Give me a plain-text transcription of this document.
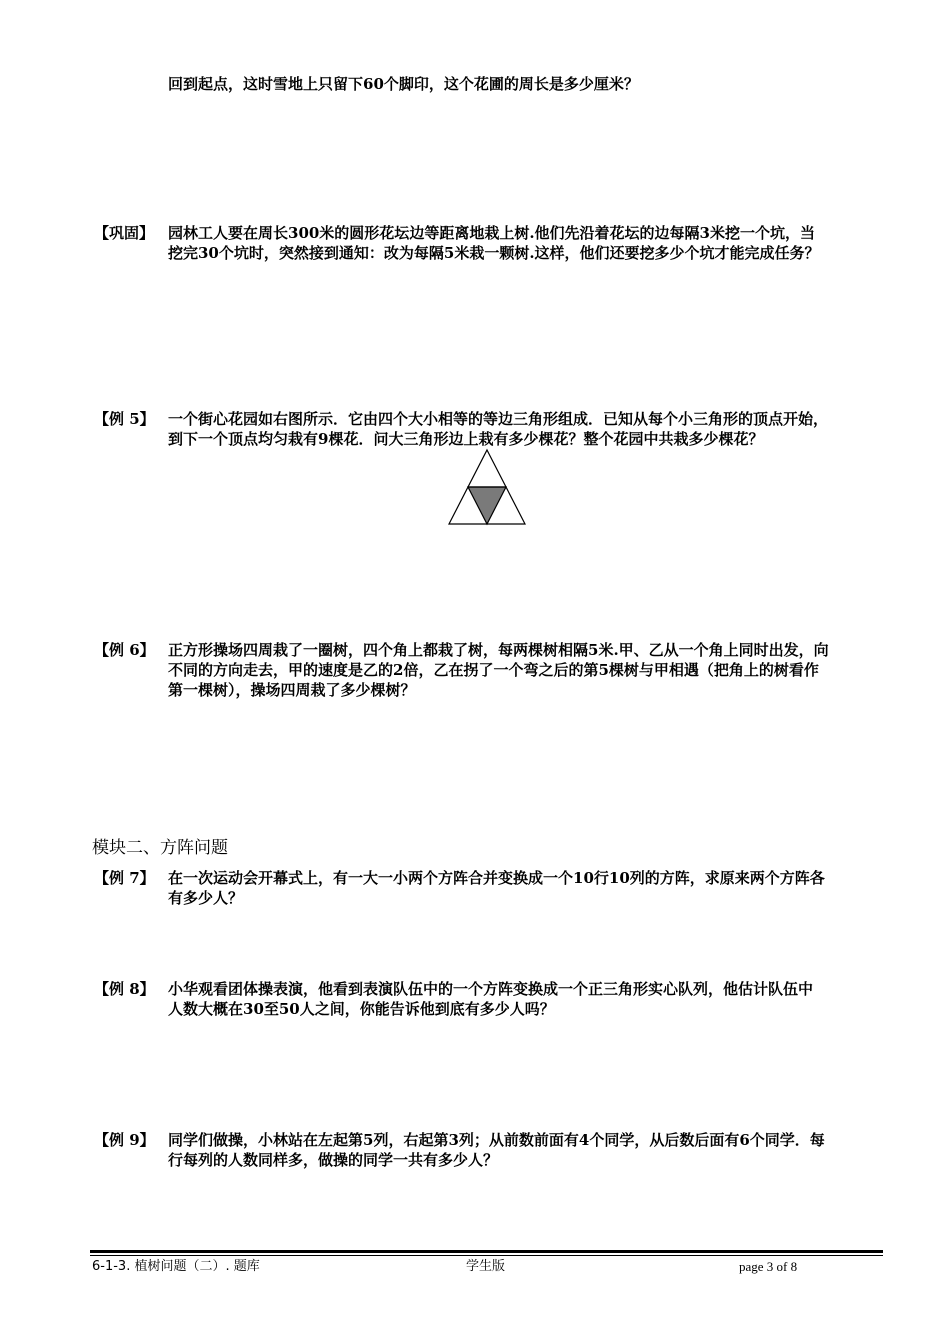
回到起点，这时雪地上只留下60个脚印，这个花圃的周长是多少厘米？
【巩固】 园林工人要在周长300米的圆形花坛边等距离地栽上树.他们先沿着花坛的边每隔3米挖一个坑，当
挖完30个坑时，突然接到通知：改为每隔5米栽一颗树.这样，他们还要挖多少个坑才能完成任务？
【例 5】 一个街心花园如右图所示．它由四个大小相等的等边三角形组成．已知从每个小三角形的顶点开始，
到下一个顶点均匀栽有9棵花．问大三角形边上栽有多少棵花？整个花园中共栽多少棵花？
【例 6】 正方形操场四周栽了一圈树，四个角上都栽了树，每两棵树相隔5米.甲、乙从一个角上同时出发，向
不同的方向走去，甲的速度是乙的2倍，乙在拐了一个弯之后的第5棵树与甲相遇（把角上的树看作
第一棵树），操场四周栽了多少棵树？
模块二、方阵问题
【例 7】 在一次运动会开幕式上，有一大一小两个方阵合并变换成一个10行10列的方阵，求原来两个方阵各
有多少人？
【例 8】 小华观看团体操表演，他看到表演队伍中的一个方阵变换成一个正三角形实心队列，他估计队伍中
人数大概在30至50人之间，你能告诉他到底有多少人吗？
【例 9】 同学们做操，小林站在左起第5列，右起第3列；从前数前面有4个同学，从后数后面有6个同学．每
行每列的人数同样多，做操的同学一共有多少人？
6-1-3. 植树问题（二）. 题库	学生版	page 3 of 8
